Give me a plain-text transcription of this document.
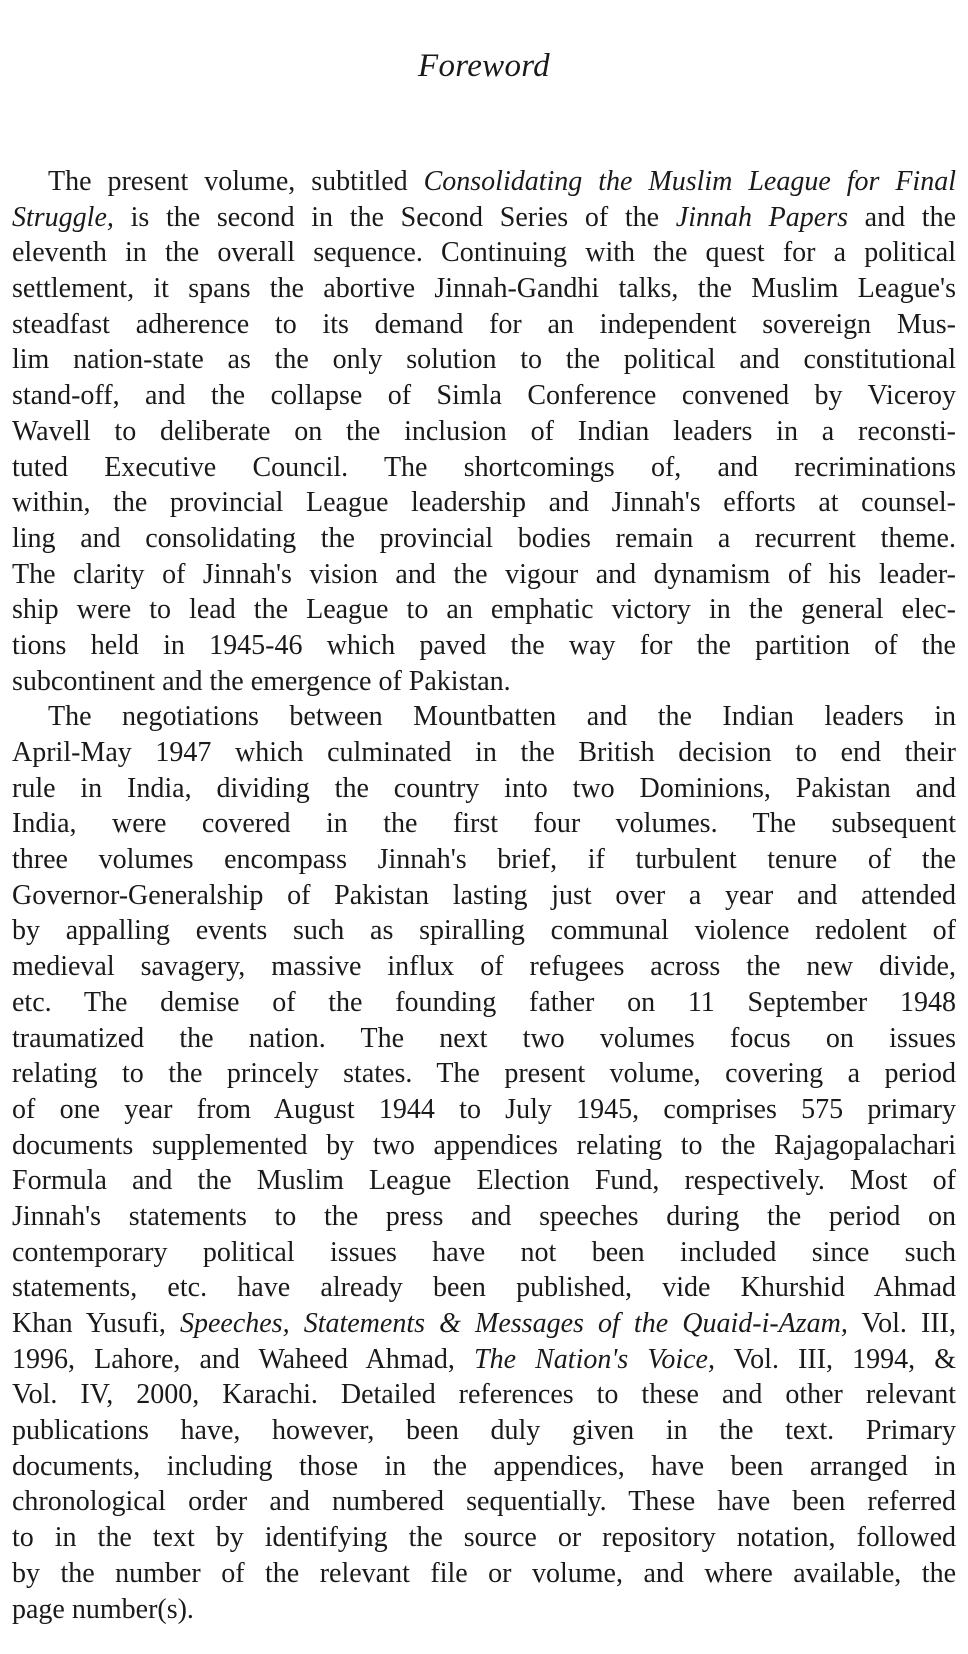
Foreword
The present volume, subtitled Consolidating the Muslim League for Final
Struggle, is the second in the Second Series of the Jinnah Papers and the
eleventh in the overall sequence. Continuing with the quest for a political
settlement, it spans the abortive Jinnah-Gandhi talks, the Muslim League's
steadfast adherence to its demand for an independent sovereign Mus-
lim nation-state as the only solution to the political and constitutional
stand-off, and the collapse of Simla Conference convened by Viceroy
Wavell to deliberate on the inclusion of Indian leaders in a reconsti-
tuted Executive Council. The shortcomings of, and recriminations
within, the provincial League leadership and Jinnah's efforts at counsel-
ling and consolidating the provincial bodies remain a recurrent theme.
The clarity of Jinnah's vision and the vigour and dynamism of his leader-
ship were to lead the League to an emphatic victory in the general elec-
tions held in 1945-46 which paved the way for the partition of the
subcontinent and the emergence of Pakistan.
The negotiations between Mountbatten and the Indian leaders in
April-May 1947 which culminated in the British decision to end their
rule in India, dividing the country into two Dominions, Pakistan and
India, were covered in the first four volumes. The subsequent
three volumes encompass Jinnah's brief, if turbulent tenure of the
Governor-Generalship of Pakistan lasting just over a year and attended
by appalling events such as spiralling communal violence redolent of
medieval savagery, massive influx of refugees across the new divide,
etc. The demise of the founding father on 11 September 1948
traumatized the nation. The next two volumes focus on issues
relating to the princely states. The present volume, covering a period
of one year from August 1944 to July 1945, comprises 575 primary
documents supplemented by two appendices relating to the Rajagopalachari
Formula and the Muslim League Election Fund, respectively. Most of
Jinnah's statements to the press and speeches during the period on
contemporary political issues have not been included since such
statements, etc. have already been published, vide Khurshid Ahmad
Khan Yusufi, Speeches, Statements & Messages of the Quaid-i-Azam, Vol. III,
1996, Lahore, and Waheed Ahmad, The Nation's Voice, Vol. III, 1994, &
Vol. IV, 2000, Karachi. Detailed references to these and other relevant
publications have, however, been duly given in the text. Primary
documents, including those in the appendices, have been arranged in
chronological order and numbered sequentially. These have been referred
to in the text by identifying the source or repository notation, followed
by the number of the relevant file or volume, and where available, the
page number(s).
